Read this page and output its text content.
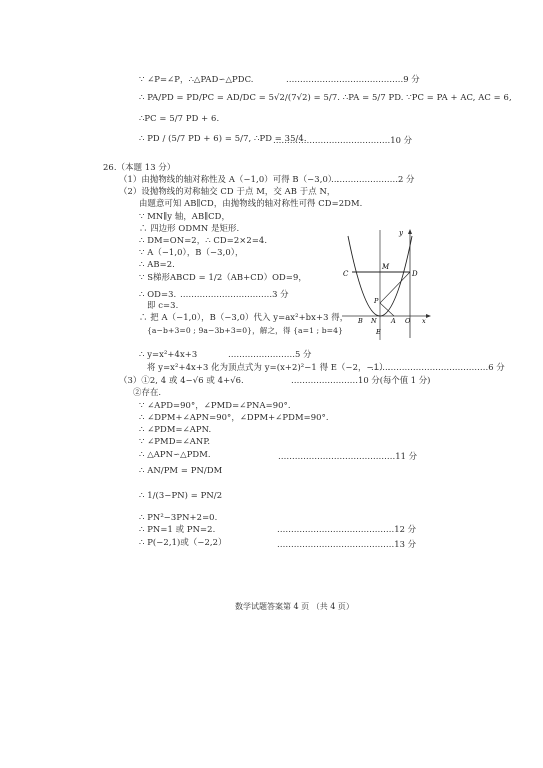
∵ ∠P=∠P，∴△PAD∽△PDC.	……………………………………9 分
∴ PA/PD = PD/PC = AD/DC = 5√2/(7√2) = 5/7. ∴PA = 5/7 PD. ∵PC = PA + AC, AC = 6,
∴PC = 5/7 PD + 6.
∴ PD / (5/7 PD + 6) = 5/7, ∴PD = 35/4.
……………………………………10 分
26.（本题 13 分）
（1）由抛物线的轴对称性及 A（−1,0）可得 B（−3,0）.
……………………2 分
（2）设抛物线的对称轴交 CD 于点 M，交 AB 于点 N，
由题意可知 AB∥CD，由抛物线的轴对称性可得 CD=2DM.
∵ MN∥y 轴，AB∥CD，
∴ 四边形 ODMN 是矩形.
∴ DM=ON=2，∴ CD=2×2=4.
∵ A（−1,0），B（−3,0），
∴ AB=2.
∵ S梯形ABCD = 1/2（AB+CD）OD=9，
∴ OD=3. ……………………………3 分
即 c=3.
∴ 把 A（−1,0），B（−3,0）代入 y=ax²+bx+3 得，
{a−b+3=0 ; 9a−3b+3=0}，解之，得 {a=1 ; b=4}
∴ y=x²+4x+3	……………………5 分
将 y=x²+4x+3 化为顶点式为 y=(x+2)²−1 得 E（−2，−1）.
……………………………………6 分
（3）①2, 4 或 4−√6 或 4+√6.	……………………10 分(每个值 1 分)
②存在.
∵ ∠APD=90°，∠PMD=∠PNA=90°.
∴ ∠DPM+∠APN=90°，∠DPM+∠PDM=90°.
∴ ∠PDM=∠APN.
∵ ∠PMD=∠ANP.
∴ △APN∽△PDM.	……………………………………11 分
∴ AN/PM = PN/DM
∴ 1/(3−PN) = PN/2
∴ PN²−3PN+2=0.
∴ PN=1 或 PN=2.	……………………………………12 分
∴ P(−2,1)或（−2,2）	……………………………………13 分
y
C
M
D
P
B N A O x
E
数学试题答案第 4 页 （共 4 页）
